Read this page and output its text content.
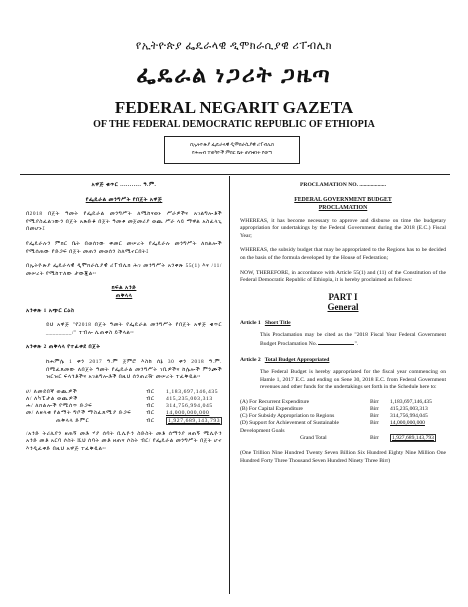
የኢትዮጵያ ፌዴራላዊ ዲሞክራሲያዊ ሪፐብሊክ
ፌዴራል ነጋሪት ጋዜጣ
FEDERAL NEGARIT GAZETA
OF THE FEDERAL DEMOCRATIC REPUBLIC OF ETHIOPIA
በኢትዮጵያ ፌዴራላዊ ዲሞክራሲያዊ ሪፐብሊክ
የሕዝብ ተወካዮች ምክር ቤት ጠባቂነት የወጣ

አዋጅ ቁጥር ........... ዓ.ም.

የፌዴራል መንግሥት የበጀት አዋጅ

በ2018 በጀት ዓመት የፌዴራል መንግሥት ለሚከናወኑ ሥራዎችና አገልግሎቶች የሚያስፈልገውን በጀት አጽድቆ በጀት ዓመቱ መጀመሪያ ወጪ ሥራ ላይ ማዋል አስፈላጊ በመሆኑ፤

የፌዴራሉን ምክር ቤት በወሰነው ቀመር መሠረት የፌዴራሉ መንግሥት ለክልሎች የሚሰጠው የድጋፍ በጀት መጠን መወሰን ስለሚኖርበት፤

በኢትዮጵያ ፌዴራላዊ ዲሞክራሲያዊ ሪፐብሊክ ሕገ መንግሥት አንቀጽ 55(1) እና /11/ መሠረት የሚከተለው ታውጇል፡፡

ክፍል አንድ

ጠቅላላ

አንቀጽ 1 አጭር ርዕስ

ይህ አዋጅ "የ2018 በጀት ዓመት የፌዴራል መንግሥት የበጀት አዋጅ ቁጥር ________/" ተብሎ ሊጠቀስ ይችላል፡፡

አንቀጽ 2 ጠቅላላ የተፈቀደ በጀት

ከሐምሌ 1 ቀን 2017 ዓ.ም ጀምሮ እስከ ሰኔ 30 ቀን 2018 ዓ.ም. በሚፈጸመው ለበጀት ዓመት የፌዴራል መንግሥት ገቢዎችና ከሌሎች ምንጮች ዝርዝር ፍላጎቶችና አገልግሎቶች በዚህ ሰንጠረዥ መሠረት ተፈቅዷል፡፡

ሀ/ ለመደበኛ ወጪዎች	ብር	1,183,697,146,435
ለ/ ለካፒታል ወጪዎች	ብር	415,235,003,313
ሐ/ ለክልሎች የሚሰጥ ድጋፍ	ብር	314,756,994,045
መ/ ለዘላቂ የልማት ግቦች ማስፈጸሚያ ድጋፍ	ብር	14,000,000,000
ጠቅላላ ድምር	ብር	1,927,689,143,793

/አንድ ትሪሊየን ዘጠኝ መቶ ሃያ ሰባት ቢሊዮን ስድስት መቶ ሰማንያ ዘጠኝ ሚሊዮን አንድ መቶ አርባ ሶስት ሺህ ሰባት መቶ ዘጠና ሶስት ብር/ የፌዴራል መንግሥት በጀት ሆኖ እንዲፈቀድ በዚህ አዋጅ ተፈቅዷል፡፡

PROCLAMATION NO. ...................

FEDERAL GOVERNMENT BUDGET

PROCLAMATION

WHEREAS, it has become necessary to approve and disburse on time the budgetary appropriation for undertakings by the Federal Government during the 2018 (E.C.) Fiscal Year;

WHEREAS, the subsidy budget that may be appropriated to the Regions has to be decided on the basis of the formula developed by the House of Federation;

NOW, THEREFORE, in accordance with Article 55(1) and (11) of the Constitution of the Federal Democratic Republic of Ethiopia, it is hereby proclaimed as follows:

PART I

General

Article 1 Short Title

This Proclamation may be cited as the "2018 Fiscal Year Federal Government Budget Proclamation No.	".

Article 2 Total Budget Appropriated

The Federal Budget is hereby appropriated for the fiscal year commencing on Hamle 1, 2017 E.C. and ending on Sene 30, 2018 E.C. from Federal Government revenues and other funds for the undertakings set forth in the Schedule here to:

(A) For Recurrent Expenditure	Birr	1,183,697,146,435
(B) For Capital Expenditure	Birr	415,235,003,313
(C) For Subsidy Appropriation to Regions	Birr	314,756,994,045
(D) Support for Achievement of Sustainable Development Goals
Birr	14,000,000,000
Grand Total	Birr	1,927,689,143,793

(One Trillion Nine Hundred Twenty Seven Billion Six Hundred Eighty Nine Million One Hundred Forty Three Thousand Seven Hundred Ninety Three Birr)
